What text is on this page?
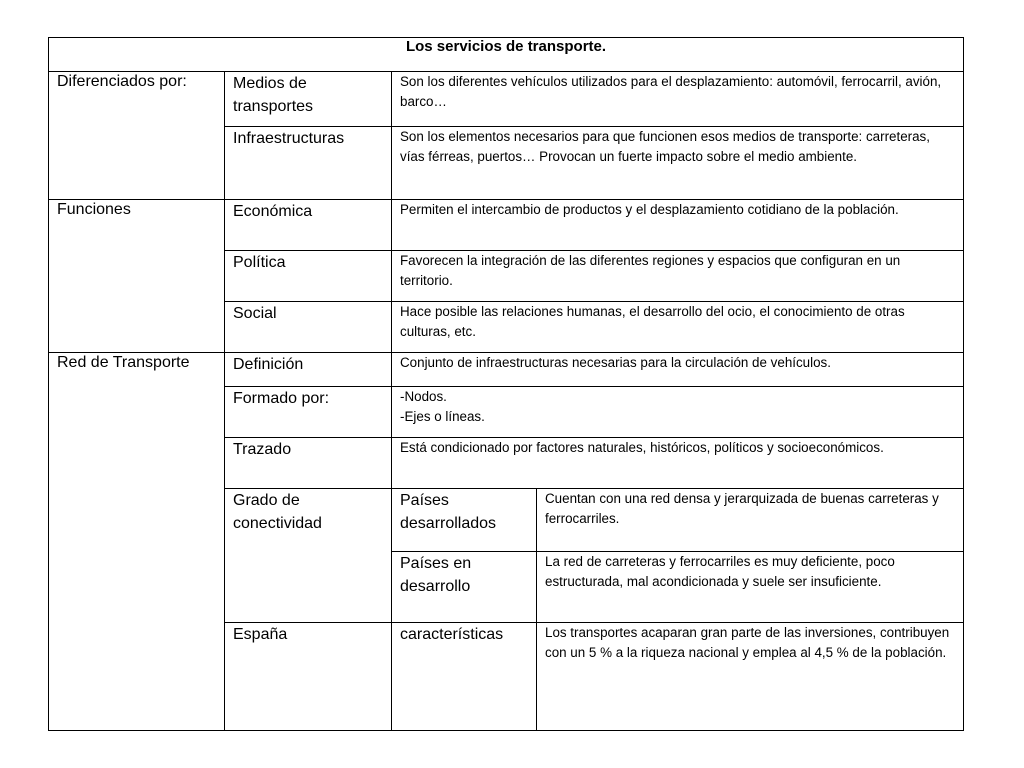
Los servicios de transporte.			
Diferenciados por:	Medios de transportes	Son los diferentes vehículos utilizados para el desplazamiento: automóvil, ferrocarril, avión, barco…	
	Infraestructuras	Son los elementos necesarios para que funcionen esos medios de transporte: carreteras, vías férreas, puertos… Provocan un fuerte impacto sobre el medio ambiente.	
Funciones	Económica	Permiten el intercambio de productos y el desplazamiento cotidiano de la población.	
	Política	Favorecen la integración de las diferentes regiones y espacios que configuran en un territorio.	
	Social	Hace posible las relaciones humanas, el desarrollo del ocio, el conocimiento de otras culturas, etc.	
Red de Transporte	Definición	Conjunto de infraestructuras necesarias para la circulación de vehículos.	
	Formado por:	-Nodos.
-Ejes o líneas.	

	Trazado	Está condicionado por factores naturales, históricos, políticos y socioeconómicos.	
	Grado de conectividad	Países desarrollados	Cuentan con una red densa y jerarquizada de buenas carreteras y ferrocarriles.
		Países en desarrollo	La red de carreteras y ferrocarriles es muy deficiente, poco estructurada, mal acondicionada y suele ser insuficiente.
	España	características	Los transportes acaparan gran parte de las inversiones, contribuyen con un 5 % a la riqueza nacional y emplea al 4,5 % de la población.
